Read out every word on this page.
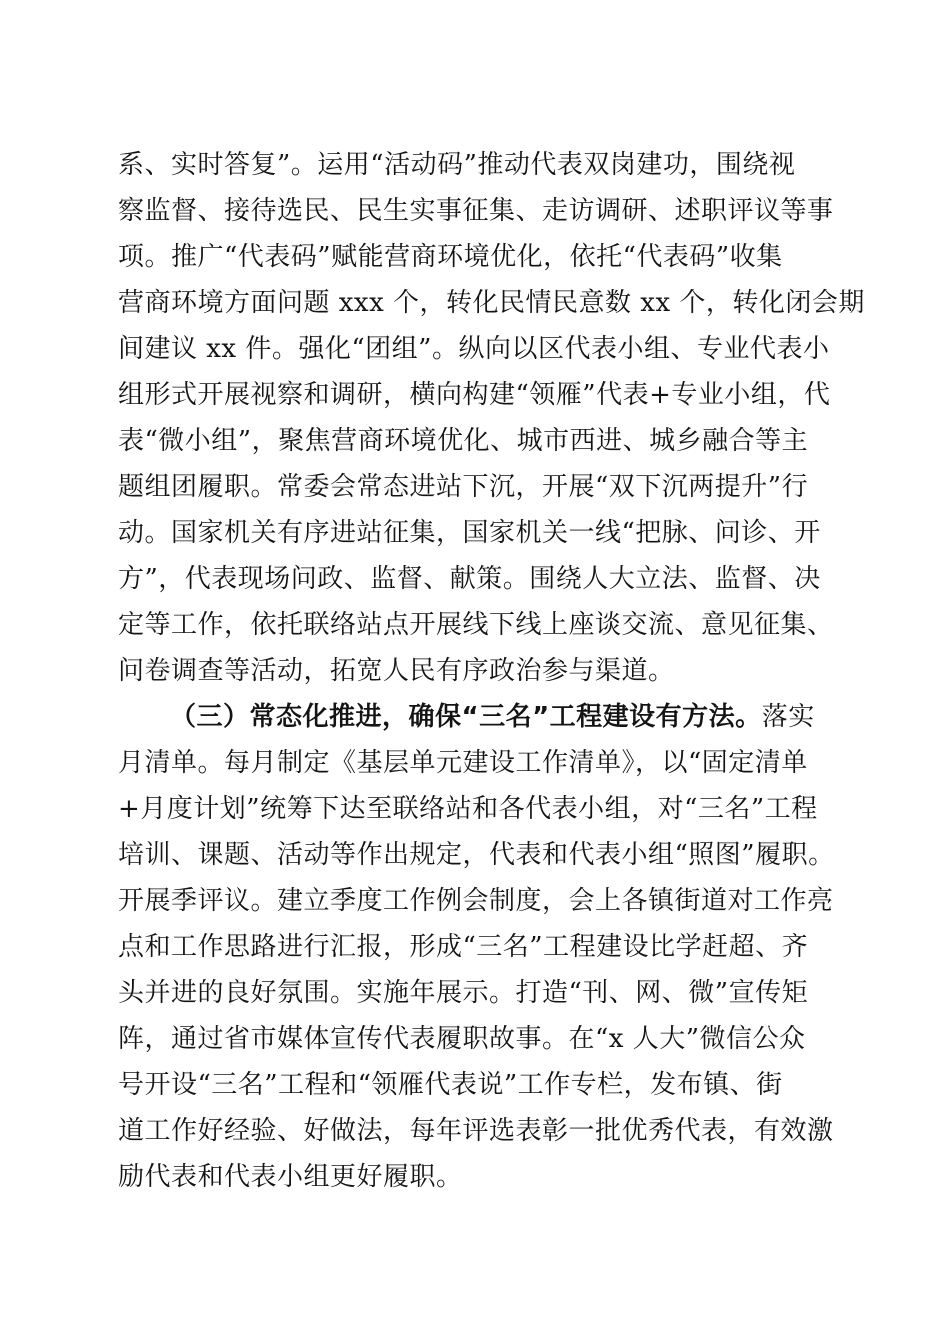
系、实时答复”。运用“活动码”推动代表双岗建功，围绕视
察监督、接待选民、民生实事征集、走访调研、述职评议等事
项。推广“代表码”赋能营商环境优化，依托“代表码”收集
营商环境方面问题 xxx 个，转化民情民意数 xx 个，转化闭会期
间建议 xx 件。强化“团组”。纵向以区代表小组、专业代表小
组形式开展视察和调研，横向构建“领雁”代表+专业小组，代
表“微小组”，聚焦营商环境优化、城市西进、城乡融合等主
题组团履职。常委会常态进站下沉，开展“双下沉两提升”行
动。国家机关有序进站征集，国家机关一线“把脉、问诊、开
方”，代表现场问政、监督、献策。围绕人大立法、监督、决
定等工作，依托联络站点开展线下线上座谈交流、意见征集、
问卷调查等活动，拓宽人民有序政治参与渠道。
（三）常态化推进，确保“三名”工程建设有方法。落实
月清单。每月制定《基层单元建设工作清单》，以“固定清单
+月度计划”统筹下达至联络站和各代表小组，对“三名”工程
培训、课题、活动等作出规定，代表和代表小组“照图”履职。
开展季评议。建立季度工作例会制度，会上各镇街道对工作亮
点和工作思路进行汇报，形成“三名”工程建设比学赶超、齐
头并进的良好氛围。实施年展示。打造“刊、网、微”宣传矩
阵，通过省市媒体宣传代表履职故事。在“x 人大”微信公众
号开设“三名”工程和“领雁代表说”工作专栏，发布镇、街
道工作好经验、好做法，每年评选表彰一批优秀代表，有效激
励代表和代表小组更好履职。
